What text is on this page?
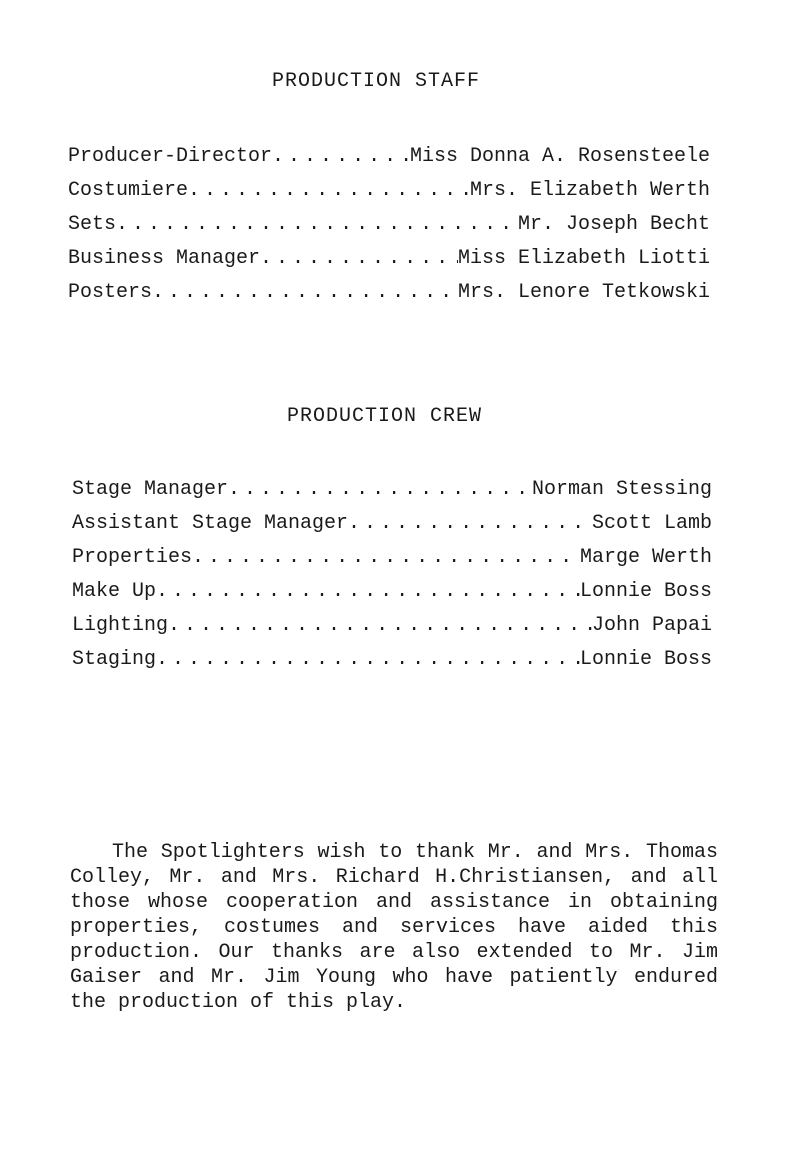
PRODUCTION STAFF
Producer-Director . . .	Miss Donna A. Rosensteele
Costumiere . . .	Mrs. Elizabeth Werth
Sets . . .	Mr. Joseph Becht
Business Manager . . .	Miss Elizabeth Liotti
Posters . . .	Mrs. Lenore Tetkowski
PRODUCTION CREW
Stage Manager . . .	Norman Stessing
Assistant Stage Manager . . .	Scott Lamb
Properties . . .	Marge Werth
Make Up . . .	Lonnie Boss
Lighting . . .	John Papai
Staging . . .	Lonnie Boss
The Spotlighters wish to thank Mr. and Mrs. Thomas Colley, Mr. and Mrs. Richard H.Christiansen, and all those whose cooperation and assistance in obtaining properties, costumes and services have aided this production. Our thanks are also extended to Mr. Jim Gaiser and Mr. Jim Young who have patiently endured the production of this play.
